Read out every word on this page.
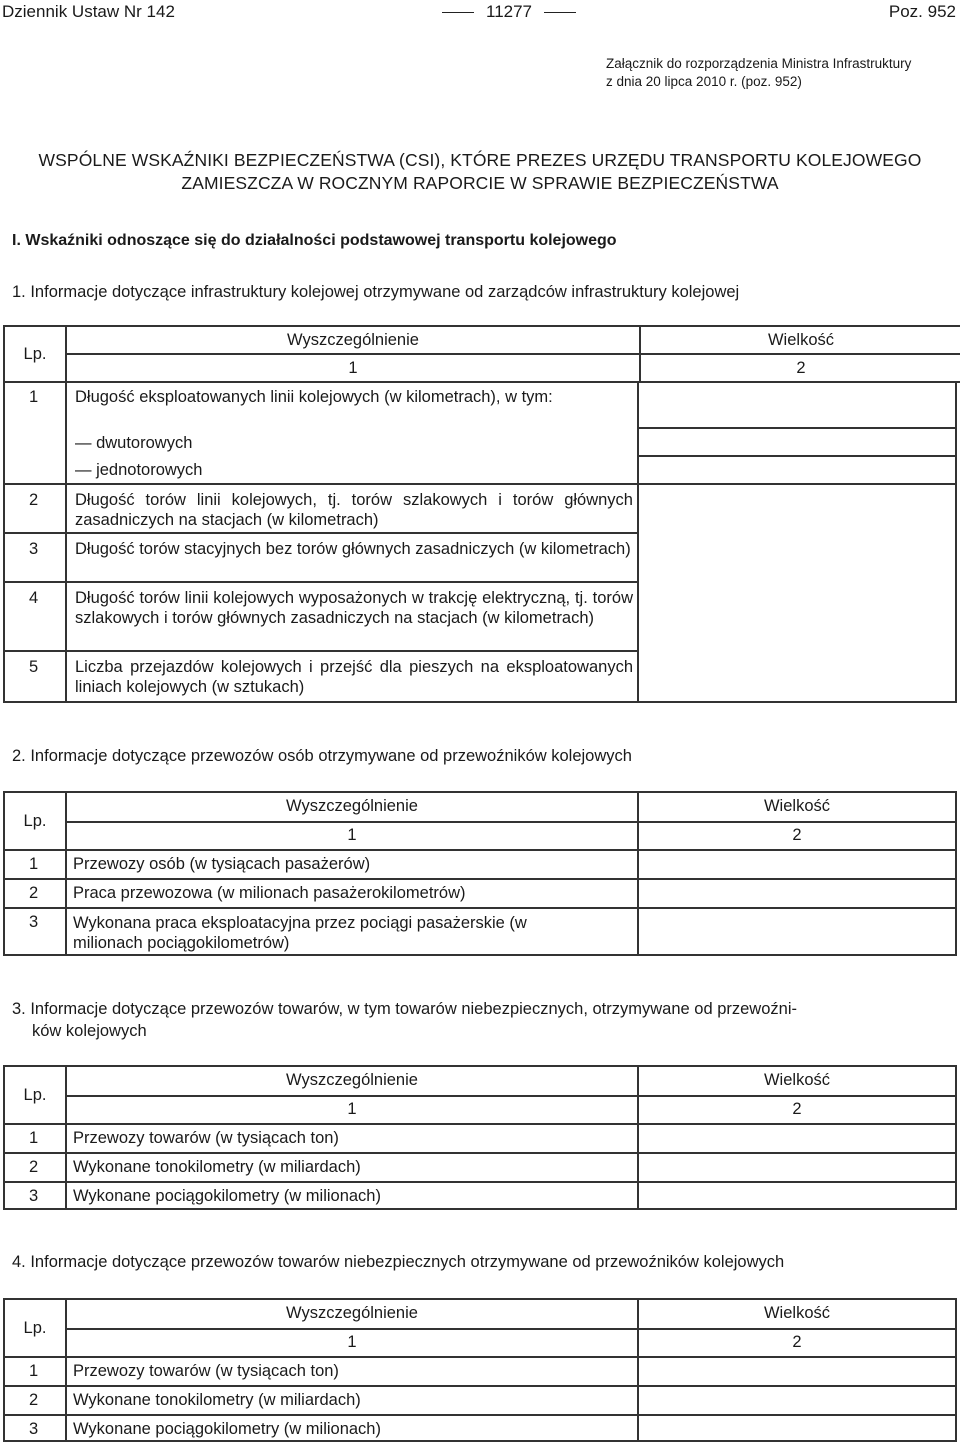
Dziennik Ustaw Nr 142	11277	Poz. 952
Załącznik do rozporządzenia Ministra Infrastruktury
z dnia 20 lipca 2010 r. (poz. 952)
WSPÓLNE WSKAŹNIKI BEZPIECZEŃSTWA (CSI), KTÓRE PREZES URZĘDU TRANSPORTU KOLEJOWEGO
ZAMIESZCZA W ROCZNYM RAPORCIE W SPRAWIE BEZPIECZEŃSTWA
I. Wskaźniki odnoszące się do działalności podstawowej transportu kolejowego
1. Informacje dotyczące infrastruktury kolejowej otrzymywane od zarządców infrastruktury kolejowej
Lp.	Wyszczególnienie	Wielkość
	1	2
1 Długość eksploatowanych linii kolejowych (w kilometrach), w tym:
— dwutorowych
— jednotorowych
2 Długość torów linii kolejowych, tj. torów szlakowych i torów głównych zasadniczych na stacjach (w kilometrach)
3 Długość torów stacyjnych bez torów głównych zasadniczych (w kilometrach)
4 Długość torów linii kolejowych wyposażonych w trakcję elektryczną, tj. torów szlakowych i torów głównych zasadniczych na stacjach (w kilometrach)
5 Liczba przejazdów kolejowych i przejść dla pieszych na eksploatowanych liniach kolejowych (w sztukach)
2. Informacje dotyczące przewozów osób otrzymywane od przewoźników kolejowych
Lp.
Wyszczególnienie	Wielkość
1	2
1 Przewozy osób (w tysiącach pasażerów)
2 Praca przewozowa (w milionach pasażerokilometrów)
3 Wykonana praca eksploatacyjna przez pociągi pasażerskie (w milionach pociągokilometrów)
3. Informacje dotyczące przewozów towarów, w tym towarów niebezpiecznych, otrzymywane od przewoźni-
ków kolejowych
Lp.
Wyszczególnienie	Wielkość
1	2
1 Przewozy towarów (w tysiącach ton)
2 Wykonane tonokilometry (w miliardach)
3 Wykonane pociągokilometry (w milionach)
4. Informacje dotyczące przewozów towarów niebezpiecznych otrzymywane od przewoźników kolejowych
Lp.
Wyszczególnienie	Wielkość
1	2
1 Przewozy towarów (w tysiącach ton)
2 Wykonane tonokilometry (w miliardach)
3 Wykonane pociągokilometry (w milionach)
